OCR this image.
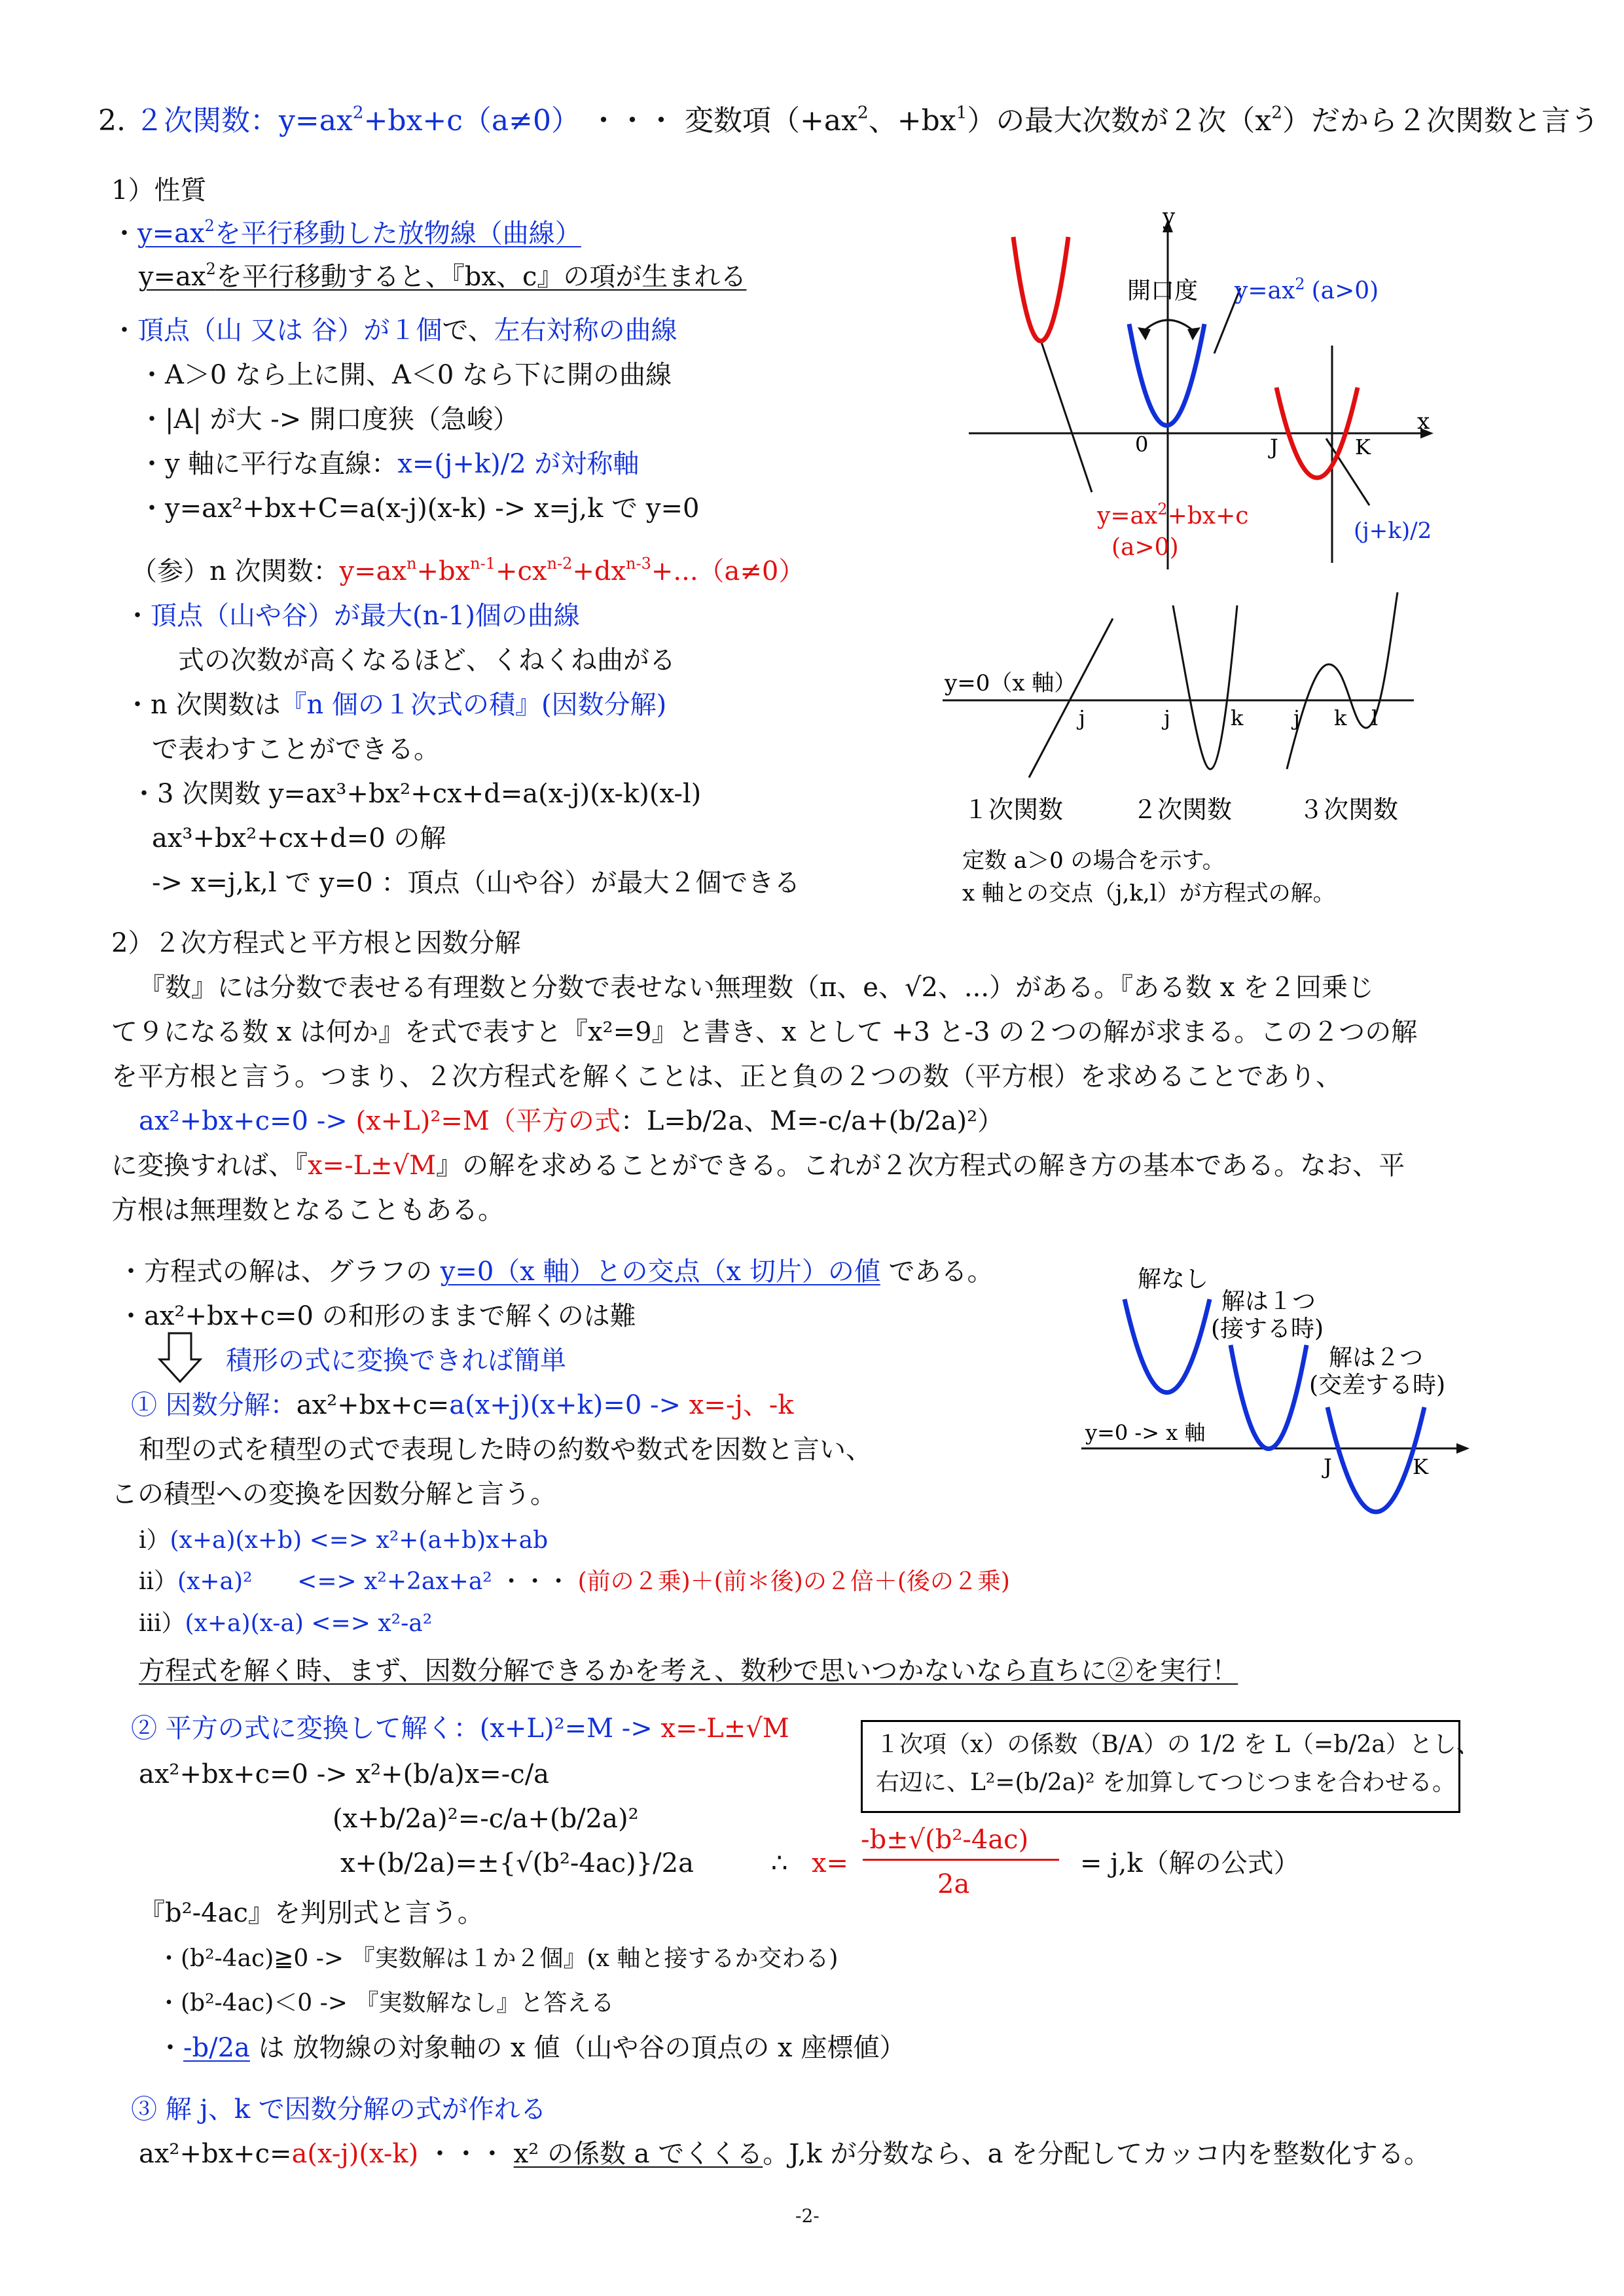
2. ２次関数：$y=ax^2+bx+c(a\ne 0)$ ・・・ 変数項（$+ax^2$、$+bx^1$）の最大次数が２次$(x^2)$だから２次関数と言う
1）性質
・$y=ax^2$を平行移動した放物線（曲線）
$y=ax^2$を平行移動すると、『bx、c』の項が生まれる
・頂点（山 又は 谷）が１個で、左右対称の曲線
・A＞0 なら上に開、A＜0 なら下に開の曲線
・|A| が大 -> 開口度狭（急峻）
・y 軸に平行な直線：x=(j+k)/2 が対称軸
・y=ax²+bx+C=a(x-j)(x-k) -> x=j,k で y=0
（参）n 次関数：$y=ax^n+bx^{n-1}+cx^{n-2}+dx^{n-3}+...(a\ne 0)$
・頂点（山や谷）が最大(n-1)個の曲線
式の次数が高くなるほど、くねくね曲がる
・n 次関数は『n 個の１次式の積』(因数分解)
で表わすことができる。
・3 次関数 y=ax³+bx²+cx+d=a(x-j)(x-k)(x-l)
ax³+bx²+cx+d=0 の解
-> x=j,k,l で y=0 ：頂点（山や谷）が最大２個できる
y
x
0	J	K
開口度 $y=ax^2$ (a>0)
$y=ax^2+bx+c$
(a>0)
(j+k)/2
y=0（x 軸）
j	j	k j k l
１次関数	２次関数	３次関数
定数 a＞0 の場合を示す。
x 軸との交点（j,k,l）が方程式の解。
2）２次方程式と平方根と因数分解
『数』には分数で表せる有理数と分数で表せない無理数（π、e、√2、...）がある。『ある数 x を２回乗じ
て９になる数 x は何か』を式で表すと『x²=9』と書き、x として +3 と-3 の２つの解が求まる。この２つの解
を平方根と言う。つまり、２次方程式を解くことは、正と負の２つの数（平方根）を求めることであり、
ax²+bx+c=0 -> (x+L)²=M（平方の式：L=b/2a、M=-c/a+(b/2a)²）
に変換すれば、『x=-L±√M』の解を求めることができる。これが２次方程式の解き方の基本である。なお、平
方根は無理数となることもある。
・方程式の解は、グラフの y=0（x 軸）との交点（x 切片）の値 である。
・ax²+bx+c=0 の和形のままで解くのは難
積形の式に変換できれば簡単
① 因数分解：ax²+bx+c=a(x+j)(x+k)=0 -> x=-j、-k
和型の式を積型の式で表現した時の約数や数式を因数と言い、
この積型への変換を因数分解と言う。
ⅰ）(x+a)(x+b) <=> x²+(a+b)x+ab
ⅱ）(x+a)² <=> x²+2ax+a² ・・・ (前の２乗)＋(前＊後)の２倍＋(後の２乗)
ⅲ）(x+a)(x-a) <=> x²-a²
方程式を解く時、まず、因数分解できるかを考え、数秒で思いつかないなら直ちに②を実行！
解なし
解は１つ
(接する時)
解は２つ
(交差する時)
y=0 -> x 軸
J	K
② 平方の式に変換して解く：(x+L)²=M -> x=-L±√M
１次項（x）の係数（B/A）の 1/2 を L（=b/2a）とし、
右辺に、L²=(b/2a)² を加算してつじつまを合わせる。
ax²+bx+c=0 -> x²+(b/a)x=-c/a
(x+b/2a)²=-c/a+(b/2a)²
x+(b/2a)=±{√(b²-4ac)}/2a	∴ x=
-b±√(b²-4ac)
2a
= j,k（解の公式）
『b²-4ac』を判別式と言う。
・(b²-4ac)≧0 -> 『実数解は１か２個』(x 軸と接するか交わる)
・(b²-4ac)＜0 -> 『実数解なし』と答える
・-b/2a は 放物線の対象軸の x 値（山や谷の頂点の x 座標値）
③ 解 j、k で因数分解の式が作れる
ax²+bx+c=a(x-j)(x-k) ・・・ x² の係数 a でくくる。J,k が分数なら、a を分配してカッコ内を整数化する。
-2-
